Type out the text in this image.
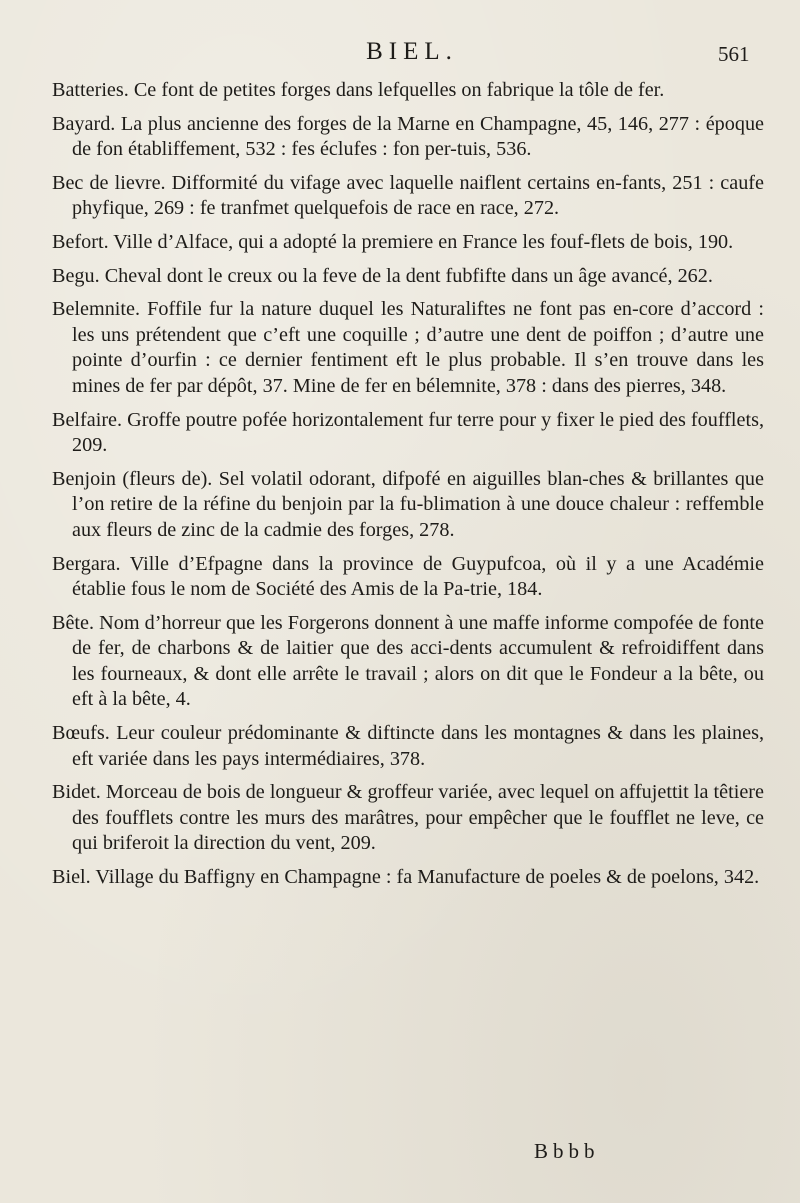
BIEL.	561

Batteries. Ce font de petites forges dans lefquelles on fabrique la tôle de fer.

Bayard. La plus ancienne des forges de la Marne en Champagne, 45, 146, 277 : époque de fon établiffement, 532 : fes éclufes : fon per-tuis, 536.

Bec de lievre. Difformité du vifage avec laquelle naiflent certains en-fants, 251 : caufe phyfique, 269 : fe tranfmet quelquefois de race en race, 272.

Befort. Ville d’Alface, qui a adopté la premiere en France les fouf-flets de bois, 190.

Begu. Cheval dont le creux ou la feve de la dent fubfifte dans un âge avancé, 262.

Belemnite. Foffile fur la nature duquel les Naturaliftes ne font pas en-core d’accord : les uns prétendent que c’eft une coquille ; d’autre une dent de poiffon ; d’autre une pointe d’ourfin : ce dernier fentiment eft le plus probable. Il s’en trouve dans les mines de fer par dépôt, 37. Mine de fer en bélemnite, 378 : dans des pierres, 348.

Belfaire. Groffe poutre pofée horizontalement fur terre pour y fixer le pied des foufflets, 209.

Benjoin (fleurs de). Sel volatil odorant, difpofé en aiguilles blan-ches & brillantes que l’on retire de la réfine du benjoin par la fu-blimation à une douce chaleur : reffemble aux fleurs de zinc de la cadmie des forges, 278.

Bergara. Ville d’Efpagne dans la province de Guypufcoa, où il y a une Académie établie fous le nom de Société des Amis de la Pa-trie, 184.

Bête. Nom d’horreur que les Forgerons donnent à une maffe informe compofée de fonte de fer, de charbons & de laitier que des acci-dents accumulent & refroidiffent dans les fourneaux, & dont elle arrête le travail ; alors on dit que le Fondeur a la bête, ou eft à la bête, 4.

Bœufs. Leur couleur prédominante & diftincte dans les montagnes & dans les plaines, eft variée dans les pays intermédiaires, 378.

Bidet. Morceau de bois de longueur & groffeur variée, avec lequel on affujettit la têtiere des foufflets contre les murs des marâtres, pour empêcher que le foufflet ne leve, ce qui briferoit la direction du vent, 209.

Biel. Village du Baffigny en Champagne : fa Manufacture de poeles & de poelons, 342.

Bbbb
